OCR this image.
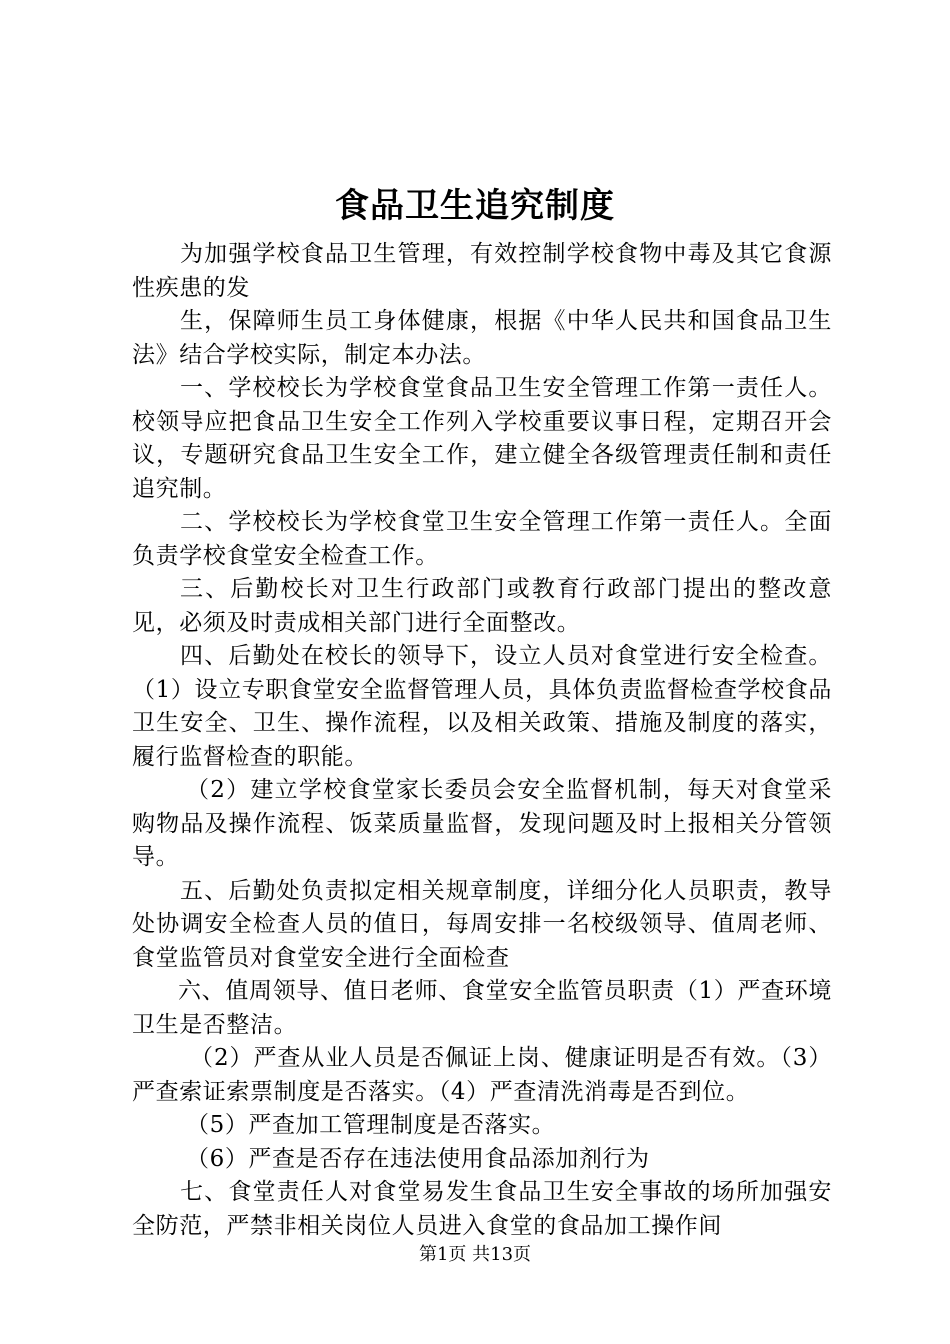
食品卫生追究制度

为加强学校食品卫生管理，有效控制学校食物中毒及其它食源性疾患的发

生，保障师生员工身体健康，根据《中华人民共和国食品卫生法》结合学校实际，制定本办法。

一、学校校长为学校食堂食品卫生安全管理工作第一责任人。校领导应把食品卫生安全工作列入学校重要议事日程，定期召开会议，专题研究食品卫生安全工作，建立健全各级管理责任制和责任追究制。

二、学校校长为学校食堂卫生安全管理工作第一责任人。全面负责学校食堂安全检查工作。

三、后勤校长对卫生行政部门或教育行政部门提出的整改意见，必须及时责成相关部门进行全面整改。

四、后勤处在校长的领导下，设立人员对食堂进行安全检查。（1）设立专职食堂安全监督管理人员，具体负责监督检查学校食品卫生安全、卫生、操作流程，以及相关政策、措施及制度的落实，履行监督检查的职能。

（2）建立学校食堂家长委员会安全监督机制，每天对食堂采购物品及操作流程、饭菜质量监督，发现问题及时上报相关分管领导。

五、后勤处负责拟定相关规章制度，详细分化人员职责，教导处协调安全检查人员的值日，每周安排一名校级领导、值周老师、食堂监管员对食堂安全进行全面检查

六、值周领导、值日老师、食堂安全监管员职责（1）严查环境卫生是否整洁。

（2）严查从业人员是否佩证上岗、健康证明是否有效。（3）严查索证索票制度是否落实。（4）严查清洗消毒是否到位。

（5）严查加工管理制度是否落实。

（6）严查是否存在违法使用食品添加剂行为

七、食堂责任人对食堂易发生食品卫生安全事故的场所加强安全防范，严禁非相关岗位人员进入食堂的食品加工操作间

第1页 共13页
